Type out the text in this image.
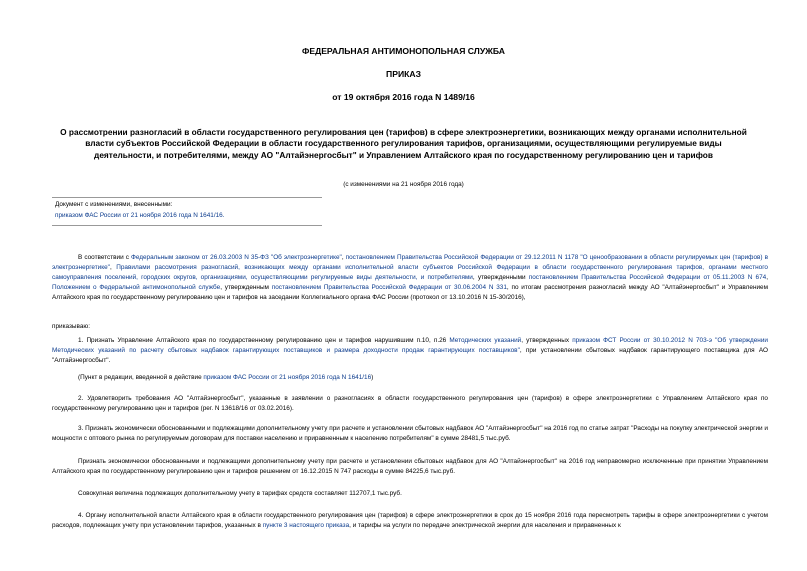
ФЕДЕРАЛЬНАЯ АНТИМОНОПОЛЬНАЯ СЛУЖБА
ПРИКАЗ
от 19 октября 2016 года N 1489/16
О рассмотрении разногласий в области государственного регулирования цен (тарифов) в сфере электроэнергетики, возникающих между органами исполнительной власти субъектов Российской Федерации в области государственного регулирования тарифов, организациями, осуществляющими регулируемые виды деятельности, и потребителями, между АО "Алтайэнергосбыт" и Управлением Алтайского края по государственному регулированию цен и тарифов
(с изменениями на 21 ноября 2016 года)
Документ с изменениями, внесенными:
приказом ФАС России от 21 ноября 2016 года N 1641/16.
В соответствии с Федеральным законом от 26.03.2003 N 35-ФЗ "Об электроэнергетике", постановлением Правительства Российской Федерации от 29.12.2011 N 1178 "О ценообразовании в области регулируемых цен (тарифов) в электроэнергетике", Правилами рассмотрения разногласий, возникающих между органами исполнительной власти субъектов Российской Федерации в области государственного регулирования тарифов, органами местного самоуправления поселений, городских округов, организациями, осуществляющими регулируемые виды деятельности, и потребителями, утвержденными постановлением Правительства Российской Федерации от 05.11.2003 N 674, Положением о Федеральной антимонопольной службе, утвержденным постановлением Правительства Российской Федерации от 30.06.2004 N 331, по итогам рассмотрения разногласий между АО "Алтайэнергосбыт" и Управлением Алтайского края по государственному регулированию цен и тарифов на заседании Коллегиального органа ФАС России (протокол от 13.10.2016 N 15-30/2016),
приказываю:
1. Признать Управление Алтайского края по государственному регулированию цен и тарифов нарушившим п.10, п.26 Методических указаний, утвержденных приказом ФСТ России от 30.10.2012 N 703-э "Об утверждении Методических указаний по расчету сбытовых надбавок гарантирующих поставщиков и размера доходности продаж гарантирующих поставщиков", при установлении сбытовых надбавок гарантирующего поставщика для АО "Алтайэнергосбыт".
(Пункт в редакции, введенной в действие приказом ФАС России от 21 ноября 2016 года N 1641/16)
2. Удовлетворить требования АО "Алтайэнергосбыт", указанные в заявлении о разногласиях в области государственного регулирования цен (тарифов) в сфере электроэнергетики с Управлением Алтайского края по государственному регулированию цен и тарифов (рег. N 13618/16 от 03.02.2016).
3. Признать экономически обоснованными и подлежащими дополнительному учету при расчете и установлении сбытовых надбавок АО "Алтайэнергосбыт" на 2016 год по статье затрат "Расходы на покупку электрической энергии и мощности с оптового рынка по регулируемым договорам для поставки населению и приравненным к населению потребителям" в сумме 28481,5 тыс.руб.
Признать экономически обоснованными и подлежащими дополнительному учету при расчете и установлении сбытовых надбавок для АО "Алтайэнергосбыт" на 2016 год неправомерно исключенные при принятии Управлением Алтайского края по государственному регулированию цен и тарифов решением от 16.12.2015 N 747 расходы в сумме 84225,6 тыс.руб.
Совокупная величина подлежащих дополнительному учету в тарифах средств составляет 112707,1 тыс.руб.
4. Органу исполнительной власти Алтайского края в области государственного регулирования цен (тарифов) в сфере электроэнергетики в срок до 15 ноября 2016 года пересмотреть тарифы в сфере электроэнергетики с учетом расходов, подлежащих учету при установлении тарифов, указанных в пункте 3 настоящего приказа, и тарифы на услуги по передаче электрической энергии для населения и приравненных к
